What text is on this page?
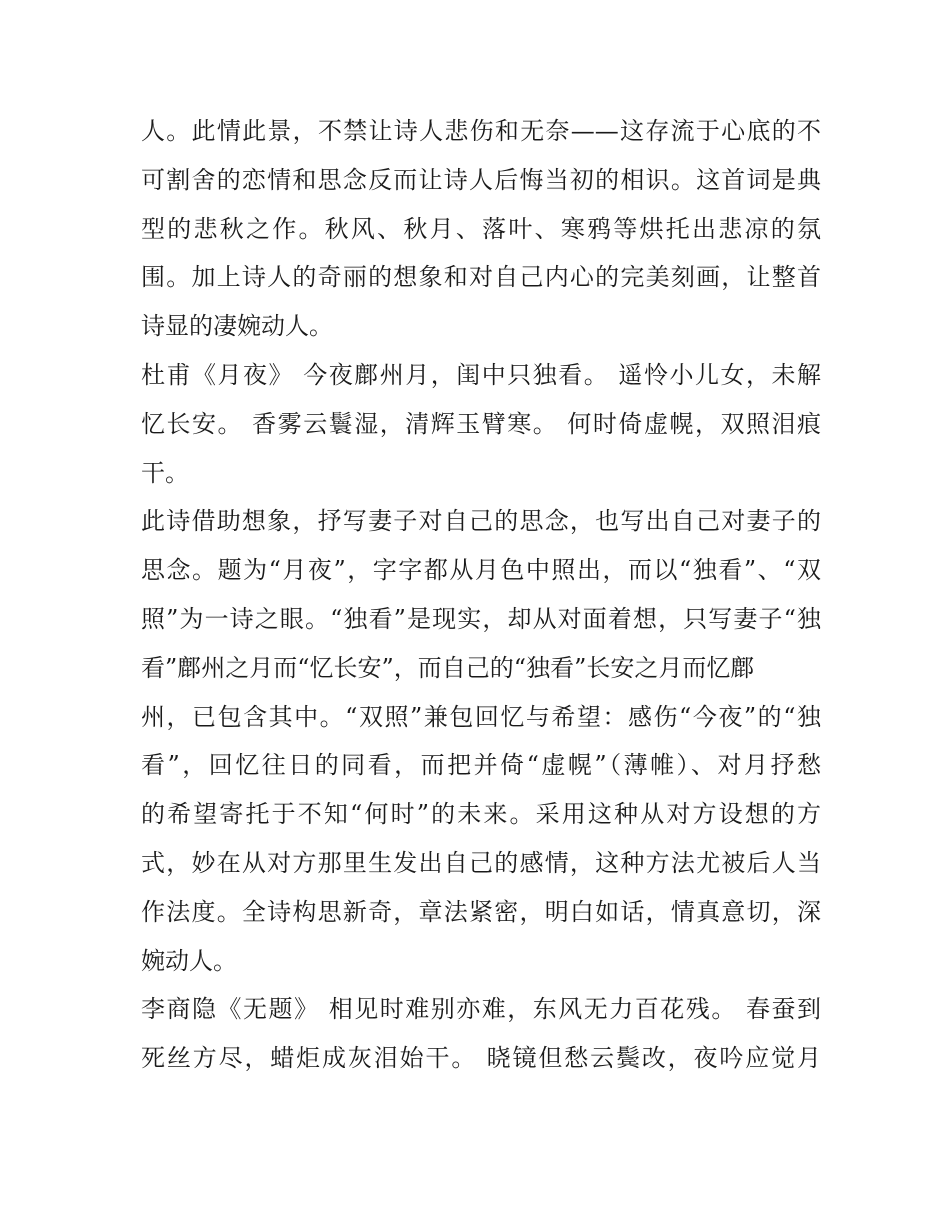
人。此情此景，不禁让诗人悲伤和无奈——这存流于心底的不
可割舍的恋情和思念反而让诗人后悔当初的相识。这首词是典
型的悲秋之作。秋风、秋月、落叶、寒鸦等烘托出悲凉的氛
围。加上诗人的奇丽的想象和对自己内心的完美刻画，让整首
诗显的凄婉动人。
杜甫《月夜》 今夜鄜州月，闺中只独看。 遥怜小儿女，未解
忆长安。 香雾云鬟湿，清辉玉臂寒。 何时倚虚幌，双照泪痕
干。
此诗借助想象，抒写妻子对自己的思念，也写出自己对妻子的
思念。题为“月夜”，字字都从月色中照出，而以“独看”、“双
照”为一诗之眼。“独看”是现实，却从对面着想，只写妻子“独
看”鄜州之月而“忆长安”，而自己的“独看”长安之月而忆鄜
州，已包含其中。“双照”兼包回忆与希望：感伤“今夜”的“独
看”，回忆往日的同看，而把并倚“虚幌”（薄帷）、对月抒愁
的希望寄托于不知“何时”的未来。采用这种从对方设想的方
式，妙在从对方那里生发出自己的感情，这种方法尤被后人当
作法度。全诗构思新奇，章法紧密，明白如话，情真意切，深
婉动人。
李商隐《无题》 相见时难别亦难，东风无力百花残。 春蚕到
死丝方尽，蜡炬成灰泪始干。 晓镜但愁云鬓改，夜吟应觉月
